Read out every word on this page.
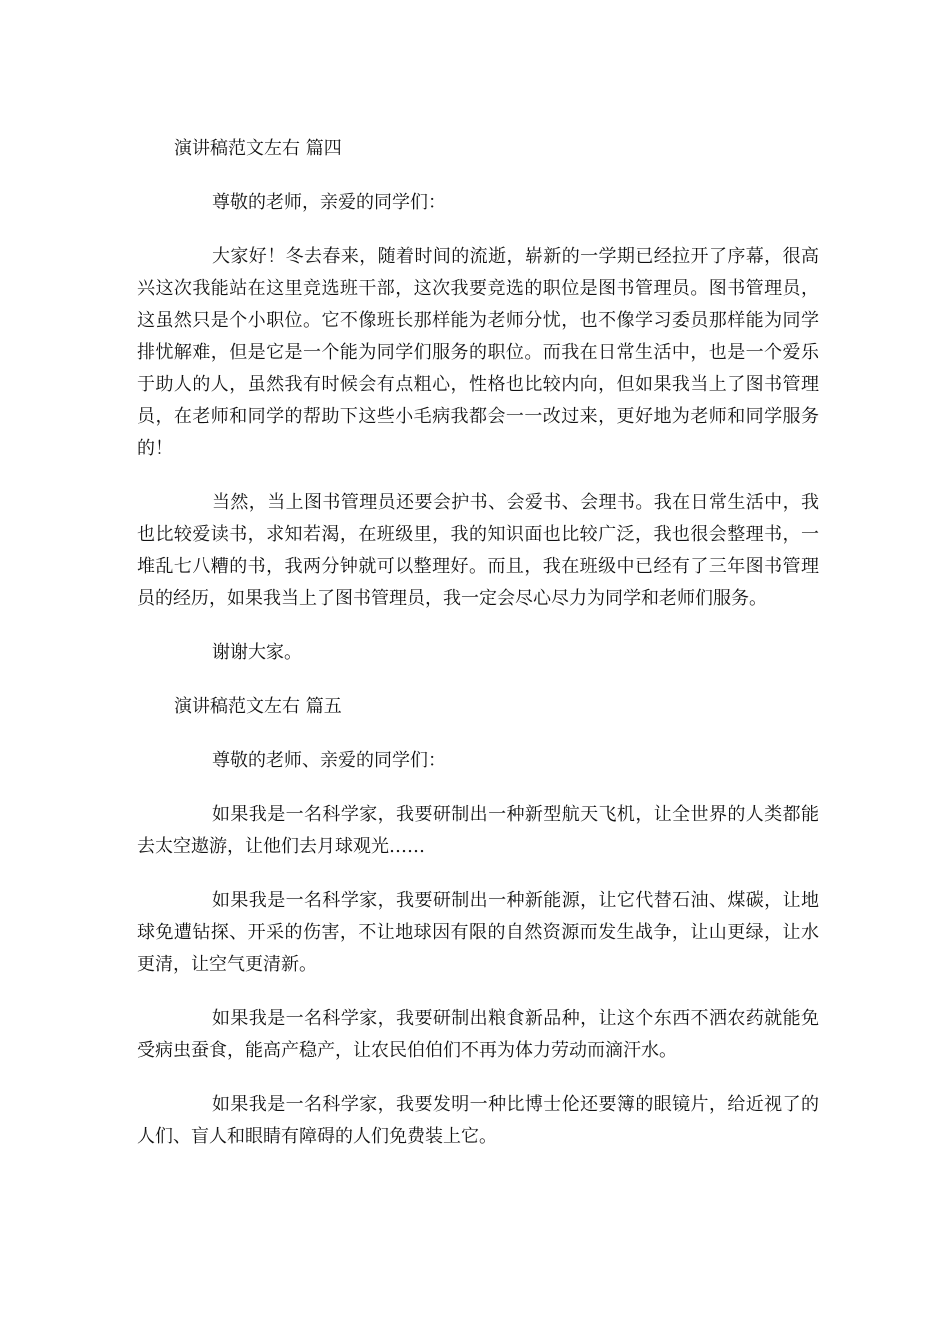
演讲稿范文左右 篇四
尊敬的老师，亲爱的同学们：

大家好！冬去春来，随着时间的流逝，崭新的一学期已经拉开了序幕，很高兴这次我能站在这里竞选班干部，这次我要竞选的职位是图书管理员。图书管理员，这虽然只是个小职位。它不像班长那样能为老师分忧，也不像学习委员那样能为同学排忧解难，但是它是一个能为同学们服务的职位。而我在日常生活中，也是一个爱乐于助人的人，虽然我有时候会有点粗心，性格也比较内向，但如果我当上了图书管理员，在老师和同学的帮助下这些小毛病我都会一一改过来，更好地为老师和同学服务的！

当然，当上图书管理员还要会护书、会爱书、会理书。我在日常生活中，我也比较爱读书，求知若渴，在班级里，我的知识面也比较广泛，我也很会整理书，一堆乱七八糟的书，我两分钟就可以整理好。而且，我在班级中已经有了三年图书管理员的经历，如果我当上了图书管理员，我一定会尽心尽力为同学和老师们服务。

谢谢大家。
演讲稿范文左右 篇五
尊敬的老师、亲爱的同学们：

如果我是一名科学家，我要研制出一种新型航天飞机，让全世界的人类都能去太空遨游，让他们去月球观光……

如果我是一名科学家，我要研制出一种新能源，让它代替石油、煤碳，让地球免遭钻探、开采的伤害，不让地球因有限的自然资源而发生战争，让山更绿，让水更清，让空气更清新。

如果我是一名科学家，我要研制出粮食新品种，让这个东西不洒农药就能免受病虫蚕食，能高产稳产，让农民伯伯们不再为体力劳动而滴汗水。

如果我是一名科学家，我要发明一种比博士伦还要簿的眼镜片，给近视了的人们、盲人和眼睛有障碍的人们免费装上它。
